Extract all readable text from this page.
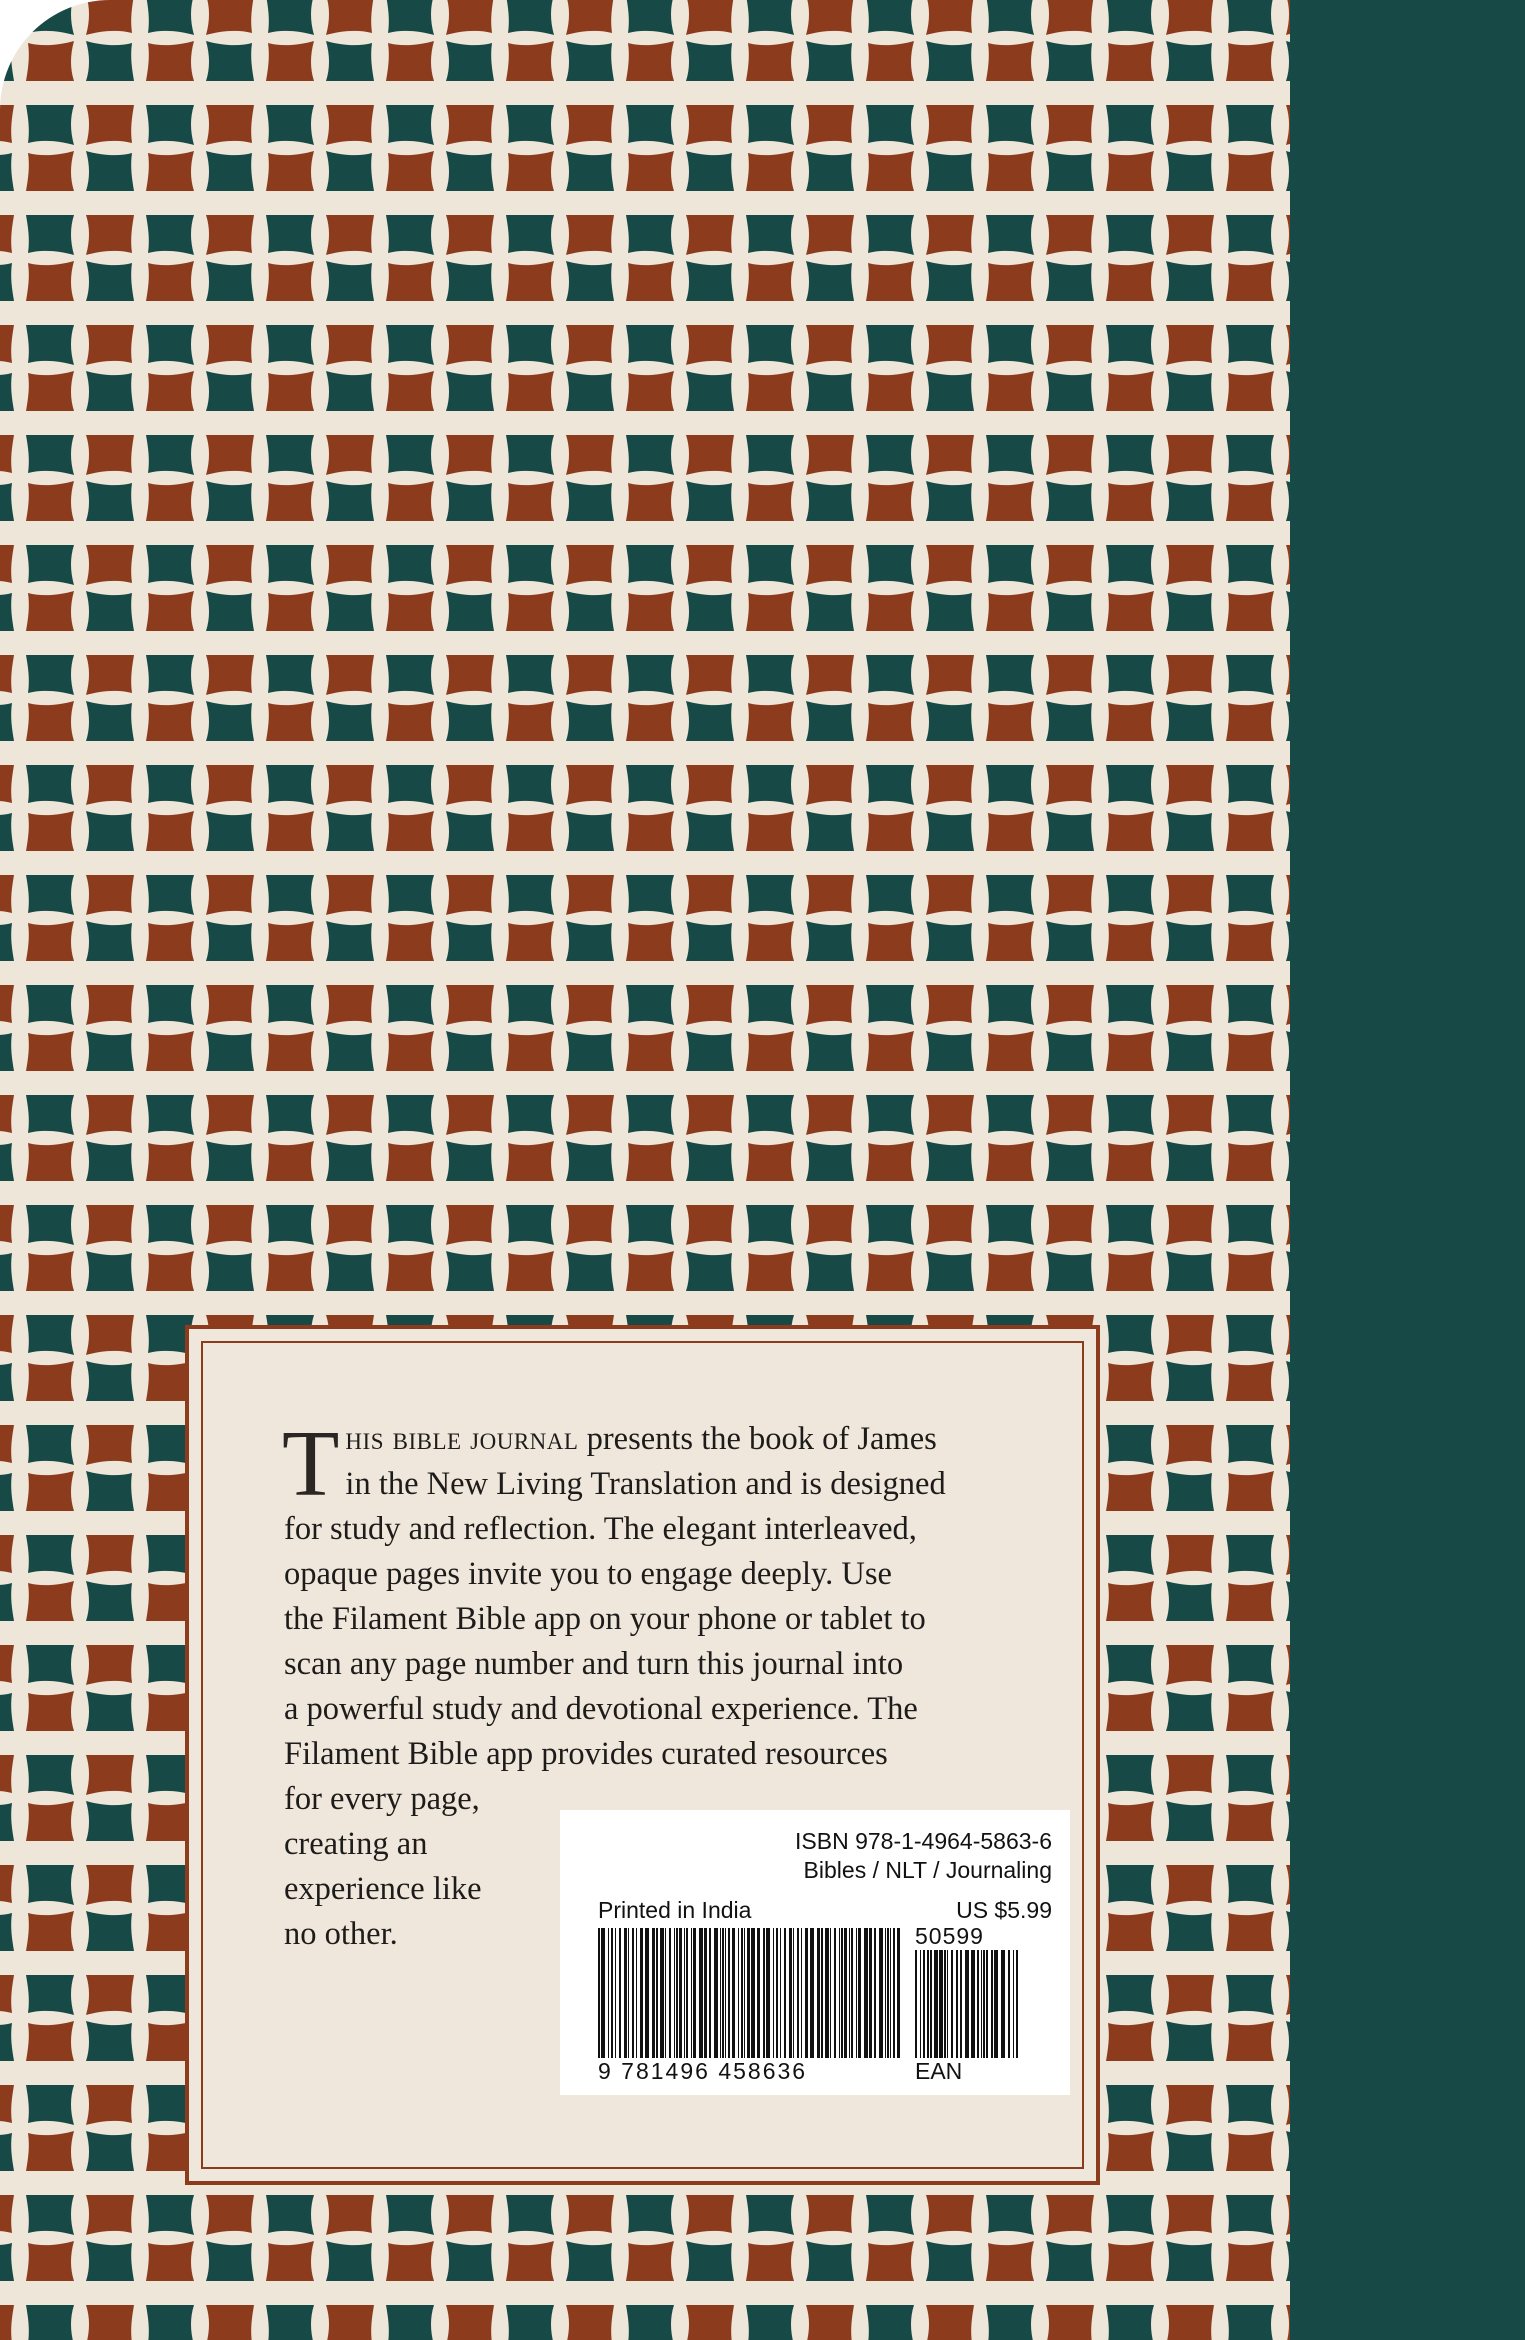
T his bible journal presents the book of James
in the New Living Translation and is designed
for study and reflection. The elegant interleaved,
opaque pages invite you to engage deeply. Use
the Filament Bible app on your phone or tablet to
scan any page number and turn this journal into
a powerful study and devotional experience. The
Filament Bible app provides curated resources
for every page,
creating an
experience like
no other.

ISBN 978-1-4964-5863-6
Bibles / NLT / Journaling
Printed in India	US $5.99
50599
9 781496 458636	EAN
